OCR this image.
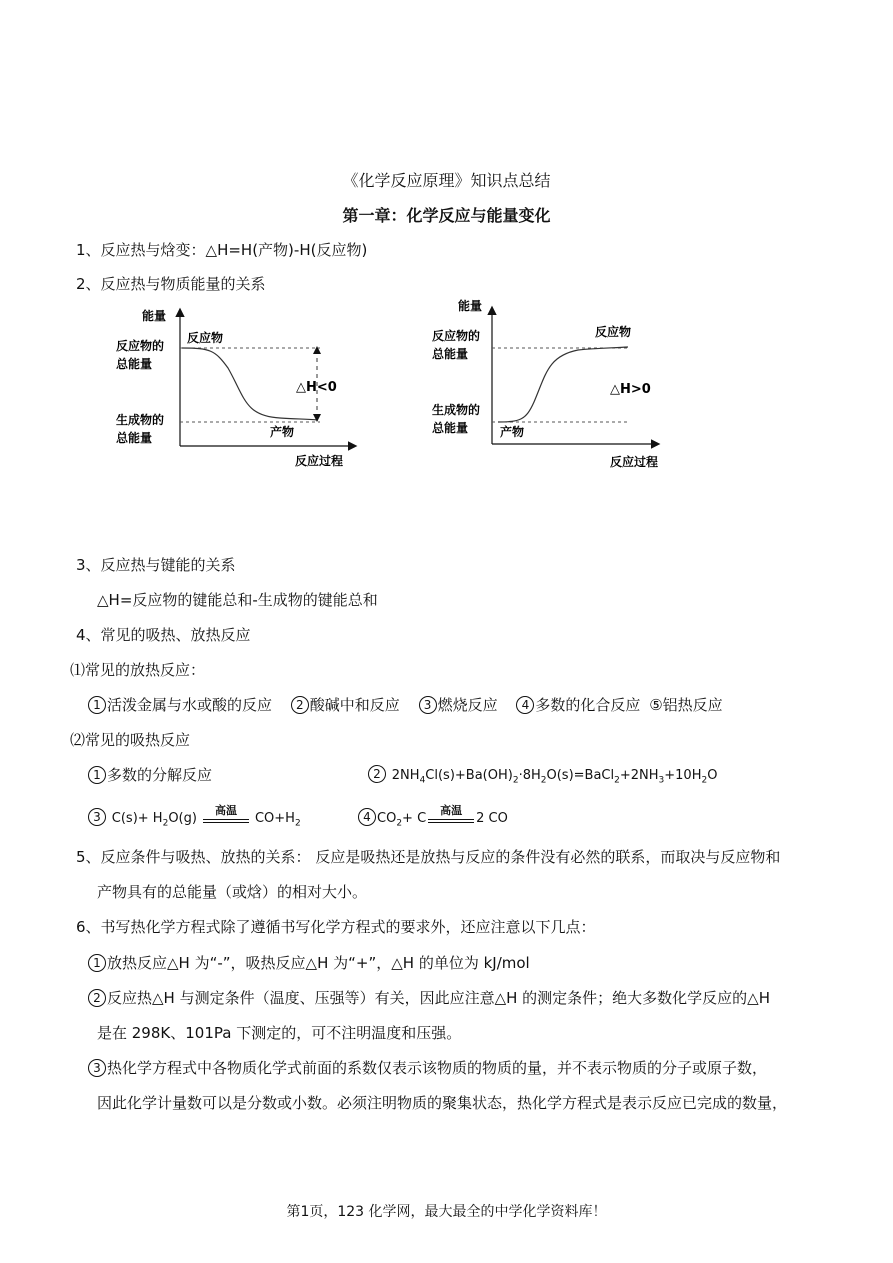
《化学反应原理》知识点总结
第一章：化学反应与能量变化
1、反应热与焓变：△H=H(产物)-H(反应物)
2、反应热与物质能量的关系
能量
反应物
反应物的
总能量
△H<0
生成物的
总能量	产物
反应过程
能量
反应物
反应物的
总能量
△H>0
生成物的
总能量	产物
反应过程
3、反应热与键能的关系
△H=反应物的键能总和-生成物的键能总和
4、常见的吸热、放热反应
⑴常见的放热反应：
1 活泼金属与水或酸的反应 2 酸碱中和反应 3 燃烧反应 4 多数的化合反应 ⑤铝热反应
⑵常见的吸热反应
1 多数的分解反应	2 $2NH_4Cl(s)+Ba(OH)_2\cdot 8H_2O(s)=BaCl_2+2NH_3+10H_2O$
3 $C(s)+ H_2O(g)$
高温
$CO+H_2$	4 $CO_2+ C$
高温
2 CO
5、反应条件与吸热、放热的关系： 反应是吸热还是放热与反应的条件没有必然的联系，而取决与反应物和
产物具有的总能量（或焓）的相对大小。
6、书写热化学方程式除了遵循书写化学方程式的要求外，还应注意以下几点：
1 放热反应△H 为“-”，吸热反应△H 为“+”，△H 的单位为 kJ/mol
2 反应热△H 与测定条件（温度、压强等）有关，因此应注意△H 的测定条件；绝大多数化学反应的△H
是在 298K、101Pa 下测定的，可不注明温度和压强。
3 热化学方程式中各物质化学式前面的系数仅表示该物质的物质的量，并不表示物质的分子或原子数，
因此化学计量数可以是分数或小数。必须注明物质的聚集状态，热化学方程式是表示反应已完成的数量，
第1页，123 化学网，最大最全的中学化学资料库！
